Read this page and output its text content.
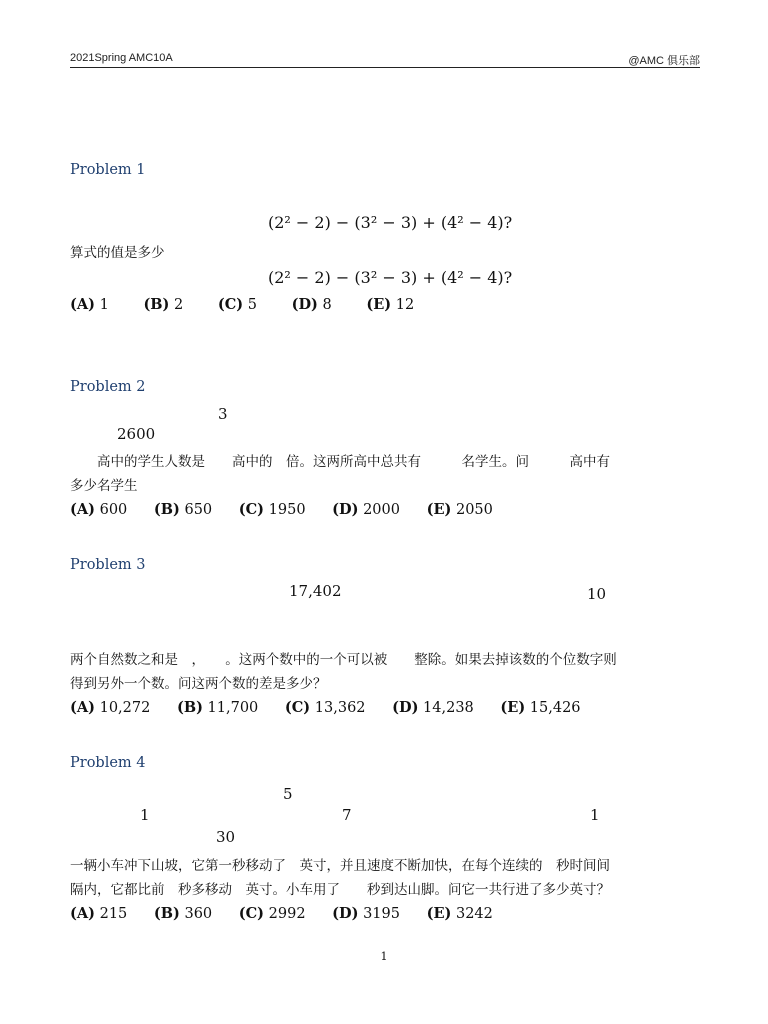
2021Spring AMC10A	@AMC 俱乐部
Problem 1
(2² − 2) − (3² − 3) + (4² − 4)?
算式的值是多少
(2² − 2) − (3² − 3) + (4² − 4)?
(A) 1 (B) 2 (C) 5 (D) 8 (E) 12
Problem 2
3
2600
　　高中的学生人数是　　高中的　倍。这两所高中总共有　　　名学生。问　　　高中有
多少名学生
(A) 600 (B) 650 (C) 1950 (D) 2000 (E) 2050
Problem 3
17,402	10
两个自然数之和是　，　　。这两个数中的一个可以被　　整除。如果去掉该数的个位数字则
得到另外一个数。问这两个数的差是多少？
(A) 10,272 (B) 11,700 (C) 13,362 (D) 14,238 (E) 15,426
Problem 4
5
1	7	1
30
一辆小车冲下山坡，它第一秒移动了　英寸，并且速度不断加快，在每个连续的　秒时间间
隔内，它都比前　秒多移动　英寸。小车用了　　秒到达山脚。问它一共行进了多少英寸？
(A) 215 (B) 360 (C) 2992 (D) 3195 (E) 3242
1
